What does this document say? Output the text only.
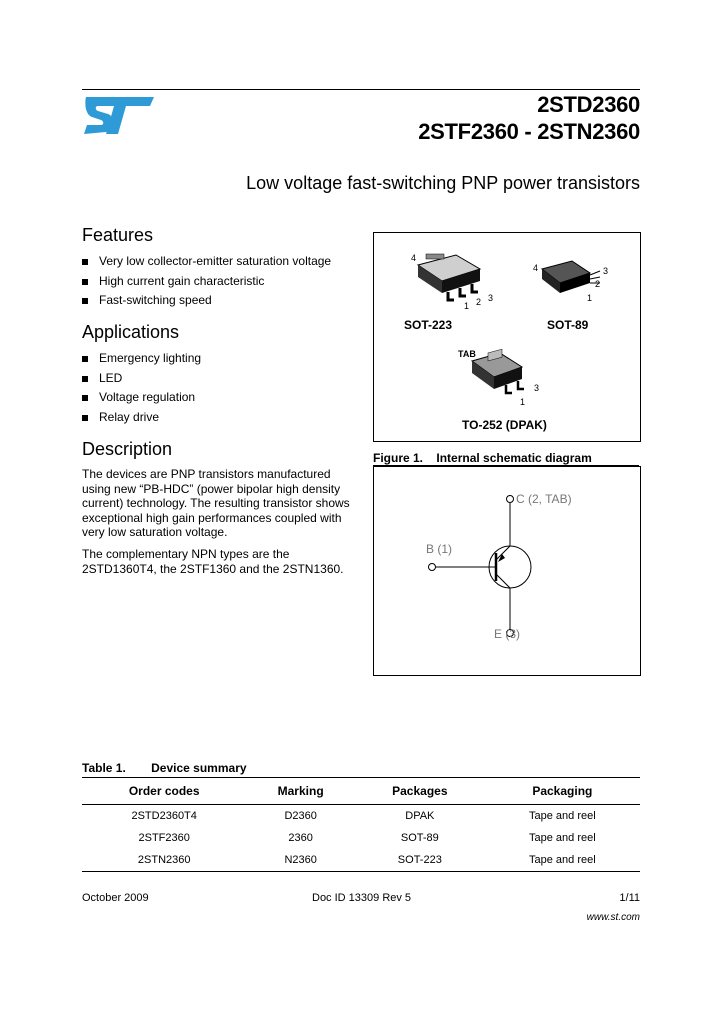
2STD2360
2STF2360 - 2STN2360
Low voltage fast-switching PNP power transistors
Features
Very low collector-emitter saturation voltage
High current gain characteristic
Fast-switching speed
Applications
Emergency lighting
LED
Voltage regulation
Relay drive
Description
The devices are PNP transistors manufactured using new “PB-HDC” (power bipolar high density current) technology. The resulting transistor shows exceptional high gain performances coupled with very low saturation voltage.
The complementary NPN types are the 2STD1360T4, the 2STF1360 and the 2STN1360.
4
1 2 3
SOT-223
4	3
2
1
SOT-89
TAB
3
1
TO-252 (DPAK)
Figure 1. Internal schematic diagram
C (2, TAB)
B (1)
E (3)
Table 1. Device summary
Order codes	Marking	Packages	Packaging
2STD2360T4	D2360	DPAK	Tape and reel
2STF2360	2360	SOT-89	Tape and reel
2STN2360	N2360	SOT-223	Tape and reel
October 2009	Doc ID 13309 Rev 5	1/11
www.st.com
